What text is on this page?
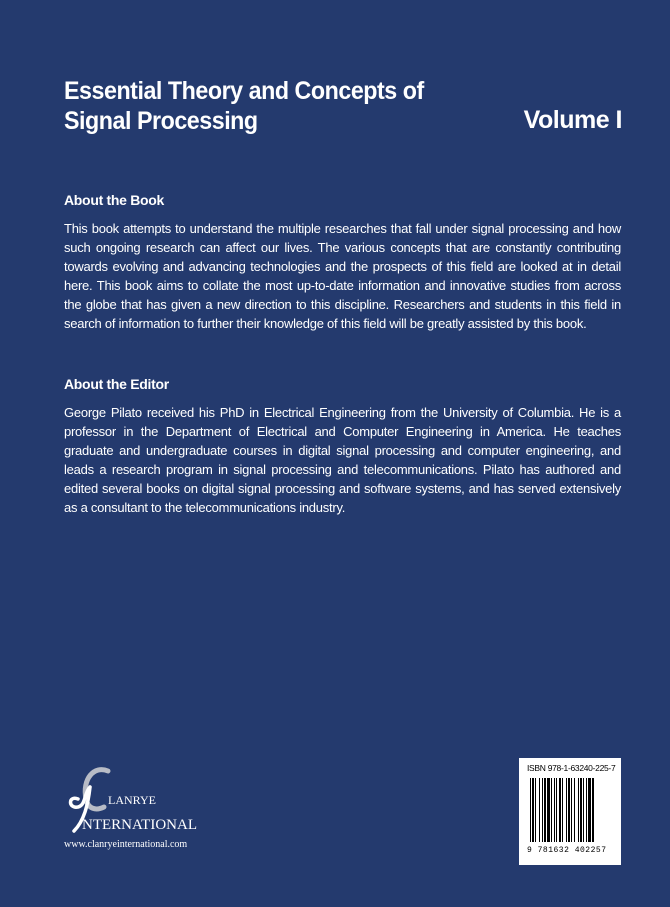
Essential Theory and Concepts of
Signal Processing	Volume I
About the Book
This book attempts to understand the multiple researches that fall under signal processing and how such ongoing research can affect our lives. The various concepts that are constantly contributing towards evolving and advancing technologies and the prospects of this field are looked at in detail here. This book aims to collate the most up-to-date information and innovative studies from across the globe that has given a new direction to this discipline. Researchers and students in this field in search of information to further their knowledge of this field will be greatly assisted by this book.
About the Editor
George Pilato received his PhD in Electrical Engineering from the University of Columbia. He is a professor in the Department of Electrical and Computer Engineering in America. He teaches graduate and undergraduate courses in digital signal processing and computer engineering, and leads a research program in signal processing and telecommunications. Pilato has authored and edited several books on digital signal processing and software systems, and has served extensively as a consultant to the telecommunications industry.
LANRYE
NTERNATIONAL
www.clanryeinternational.com
ISBN 978-1-63240-225-7
9 781632 402257
